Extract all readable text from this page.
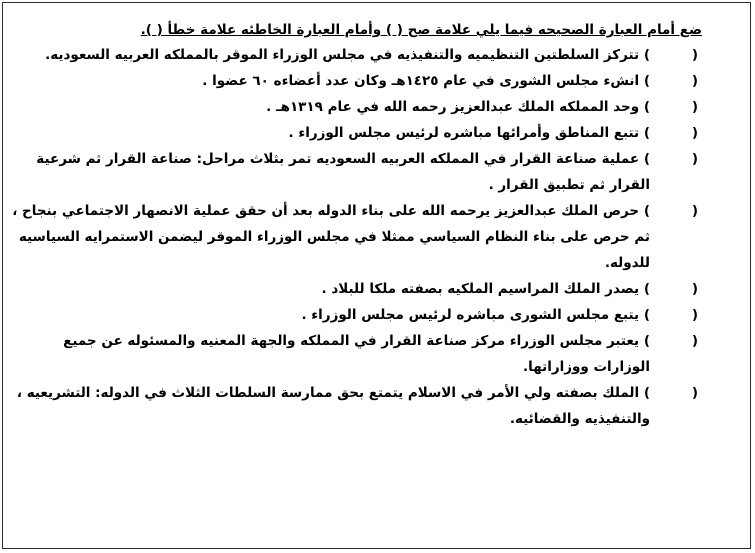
ضع أمام العبارة الصحيحه فيما يلي علامة صح ( ) وأمام العبارة الخاطئه علامة خطأ ( ).
(
) تتركز السلطتين التنظيميه والتنفيذيه في مجلس الوزراء الموقر بالمملكه العربيه السعوديه.
(
) انشء مجلس الشورى في عام ١٤٢٥هـ وكان عدد أعضاءه ٦٠ عضوا .
(
) وحد المملكه الملك عبدالعزيز رحمه الله في عام ١٣١٩هـ .
(
) تتبع المناطق وأمرائها مباشره لرئيس مجلس الوزراء .
(
) عملية صناعة القرار في المملكه العربيه السعوديه تمر بثلاث مراحل: صناعة القرار ثم شرعية القرار ثم تطبيق القرار .
(
) حرص الملك عبدالعزيز يرحمه الله على بناء الدوله بعد أن حقق عملية الانصهار الاجتماعي بنجاح ، ثم حرص على بناء النظام السياسي ممثلا في مجلس الوزراء الموقر ليضمن الاستمرايه السياسيه للدوله.
(
) يصدر الملك المراسيم الملكيه بصفته ملكا للبلاد .
(
) يتبع مجلس الشورى مباشره لرئيس مجلس الوزراء .
(
) يعتبر مجلس الوزراء مركز صناعة القرار في المملكه والجهة المعنيه والمسئوله عن جميع الوزارات ووزاراتها.
(
) الملك بصفته ولي الأمر في الاسلام يتمتع بحق ممارسة السلطات الثلاث في الدوله: التشريعيه ، والتنفيذيه والقضائيه.
